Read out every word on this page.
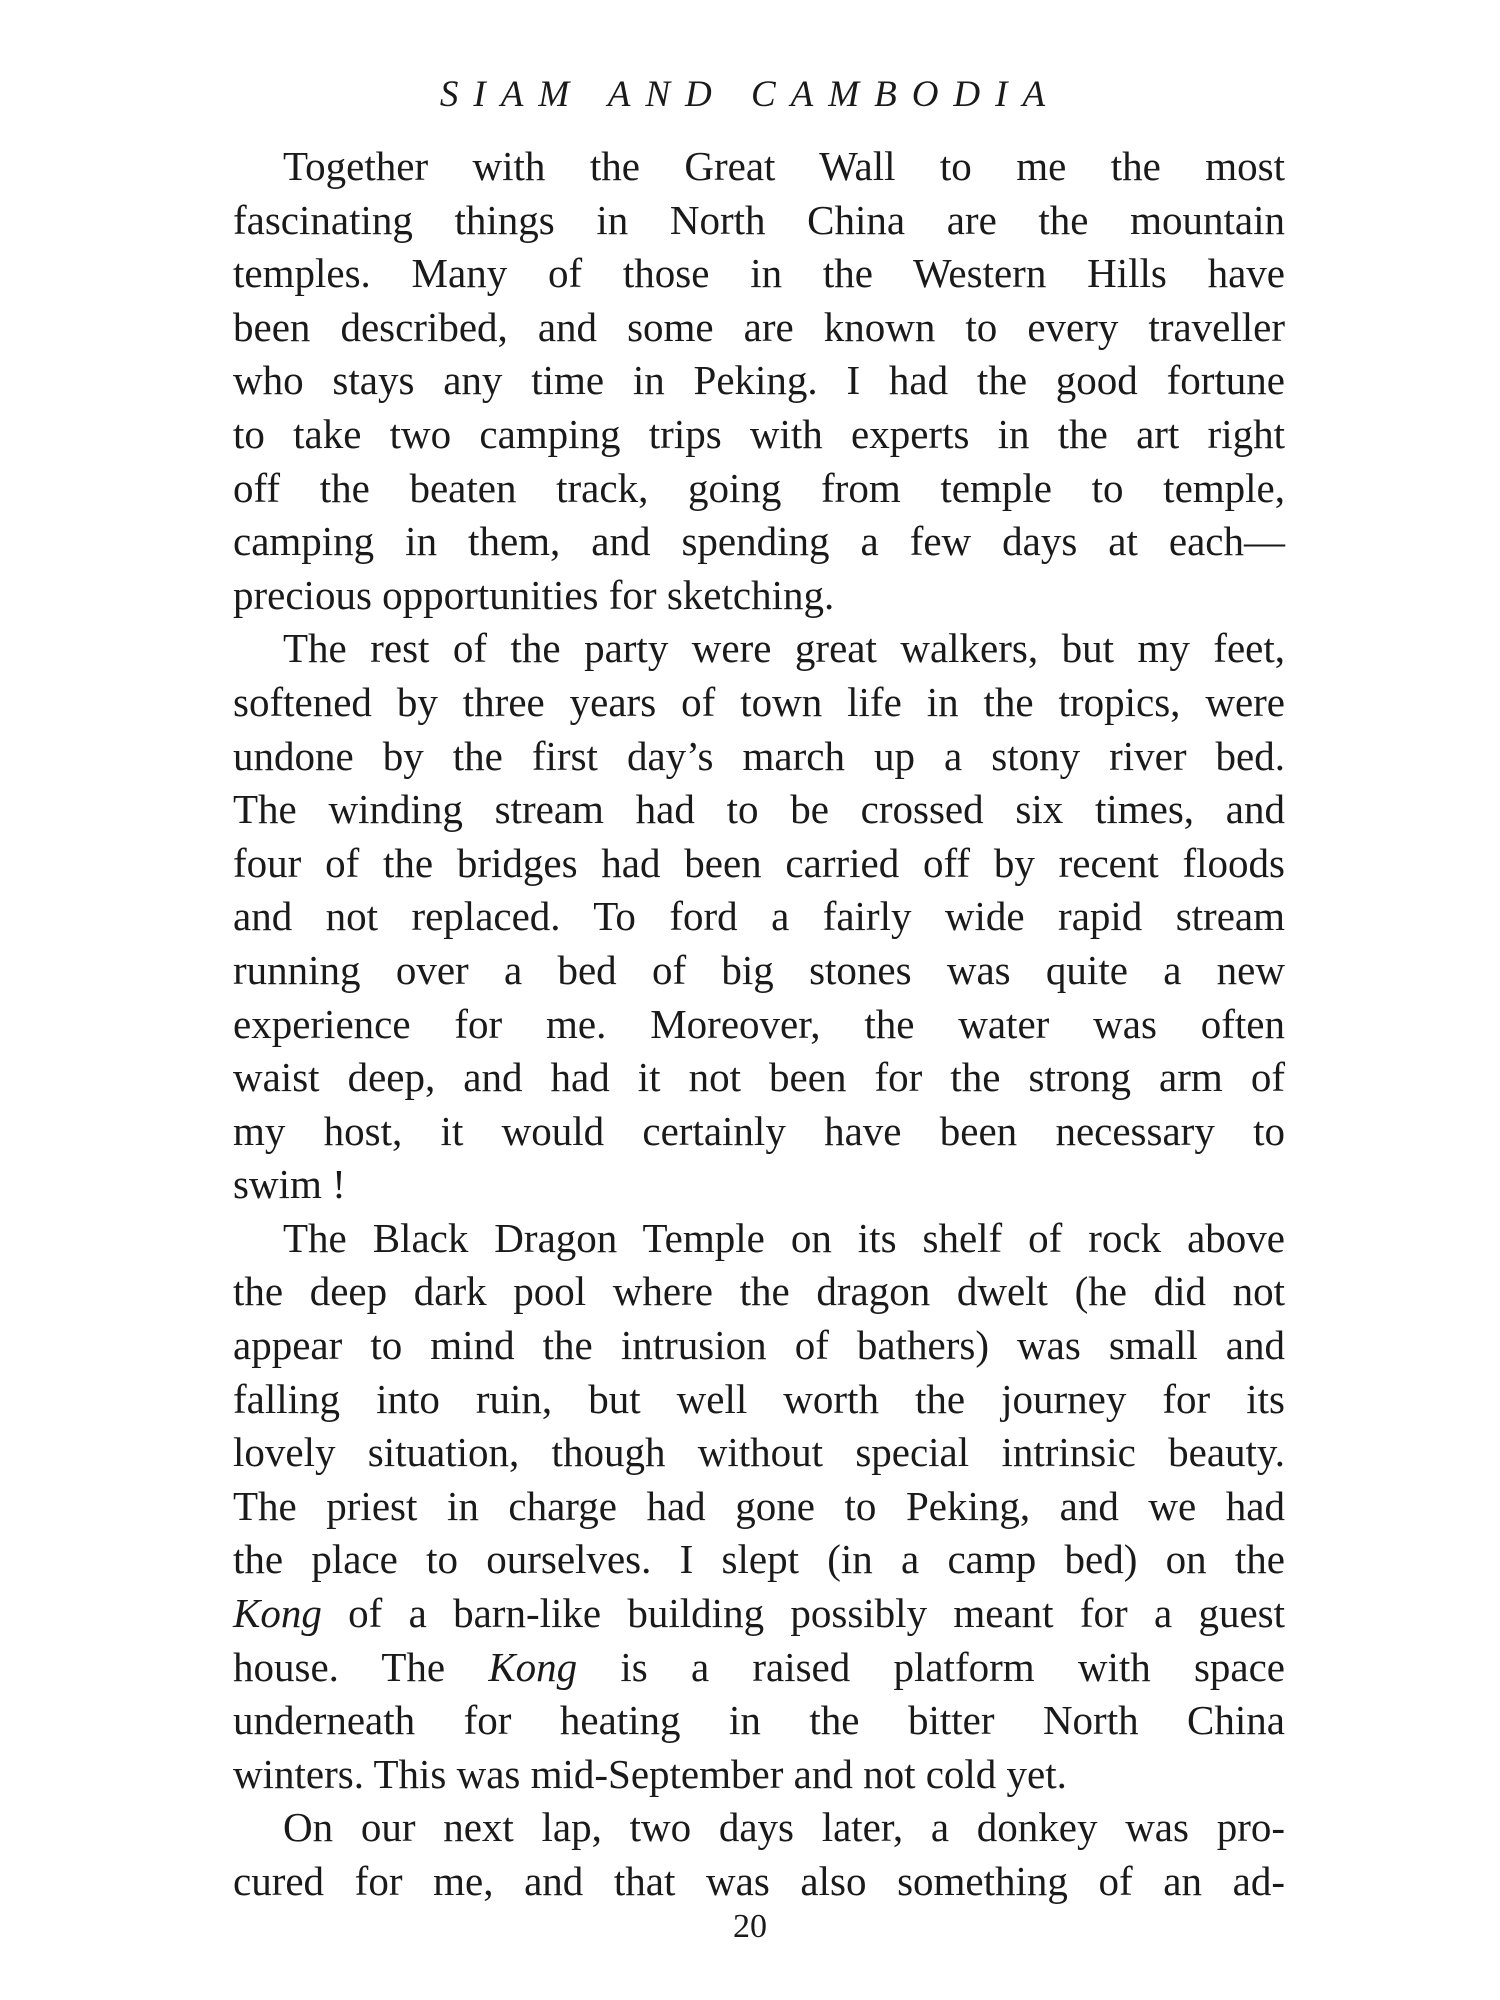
SIAM AND CAMBODIA

Together with the Great Wall to me the most
fascinating things in North China are the mountain
temples. Many of those in the Western Hills have
been described, and some are known to every traveller
who stays any time in Peking. I had the good fortune
to take two camping trips with experts in the art right
off the beaten track, going from temple to temple,
camping in them, and spending a few days at each—
precious opportunities for sketching.

The rest of the party were great walkers, but my feet,
softened by three years of town life in the tropics, were
undone by the first day’s march up a stony river bed.
The winding stream had to be crossed six times, and
four of the bridges had been carried off by recent floods
and not replaced. To ford a fairly wide rapid stream
running over a bed of big stones was quite a new
experience for me. Moreover, the water was often
waist deep, and had it not been for the strong arm of
my host, it would certainly have been necessary to
swim !

The Black Dragon Temple on its shelf of rock above
the deep dark pool where the dragon dwelt (he did not
appear to mind the intrusion of bathers) was small and
falling into ruin, but well worth the journey for its
lovely situation, though without special intrinsic beauty.
The priest in charge had gone to Peking, and we had
the place to ourselves. I slept (in a camp bed) on the
Kong of a barn-like building possibly meant for a guest
house. The Kong is a raised platform with space
underneath for heating in the bitter North China
winters. This was mid-September and not cold yet.

On our next lap, two days later, a donkey was pro-
cured for me, and that was also something of an ad-

20
